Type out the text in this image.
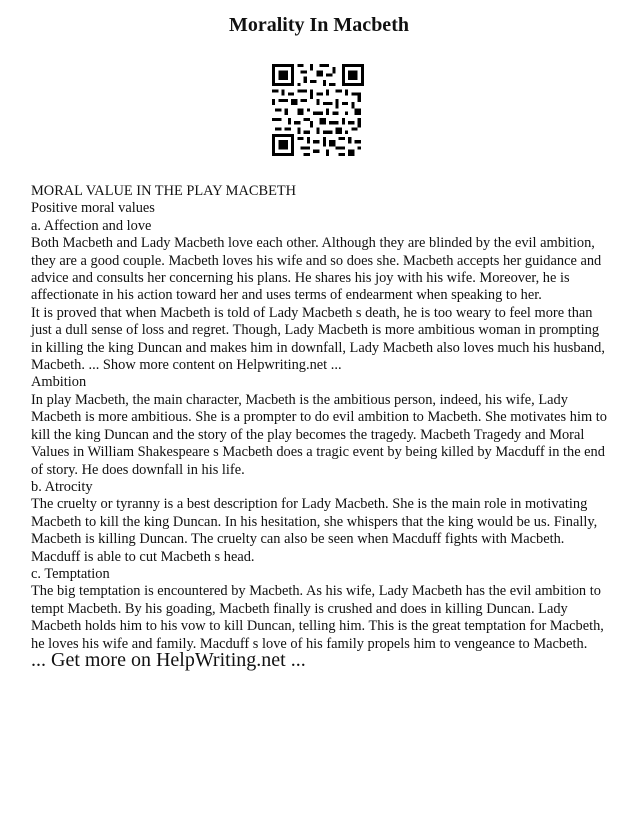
Morality In Macbeth

MORAL VALUE IN THE PLAY MACBETH

Positive moral values

a. Affection and love

Both Macbeth and Lady Macbeth love each other. Although they are blinded by the evil ambition, they are a good couple. Macbeth loves his wife and so does she. Macbeth accepts her guidance and advice and consults her concerning his plans. He shares his joy with his wife. Moreover, he is affectionate in his action toward her and uses terms of endearment when speaking to her.

It is proved that when Macbeth is told of Lady Macbeth s death, he is too weary to feel more than just a dull sense of loss and regret. Though, Lady Macbeth is more ambitious woman in prompting in killing the king Duncan and makes him in downfall, Lady Macbeth also loves much his husband, Macbeth. ... Show more content on Helpwriting.net ...

Ambition

In play Macbeth, the main character, Macbeth is the ambitious person, indeed, his wife, Lady Macbeth is more ambitious. She is a prompter to do evil ambition to Macbeth. She motivates him to kill the king Duncan and the story of the play becomes the tragedy. Macbeth Tragedy and Moral Values in William Shakespeare s Macbeth does a tragic event by being killed by Macduff in the end of story. He does downfall in his life.

b. Atrocity

The cruelty or tyranny is a best description for Lady Macbeth. She is the main role in motivating Macbeth to kill the king Duncan. In his hesitation, she whispers that the king would be us. Finally, Macbeth is killing Duncan. The cruelty can also be seen when Macduff fights with Macbeth. Macduff is able to cut Macbeth s head.

c. Temptation

The big temptation is encountered by Macbeth. As his wife, Lady Macbeth has the evil ambition to tempt Macbeth. By his goading, Macbeth finally is crushed and does in killing Duncan. Lady Macbeth holds him to his vow to kill Duncan, telling him. This is the great temptation for Macbeth, he loves his wife and family. Macduff s love of his family propels him to vengeance to Macbeth.

... Get more on HelpWriting.net ...
